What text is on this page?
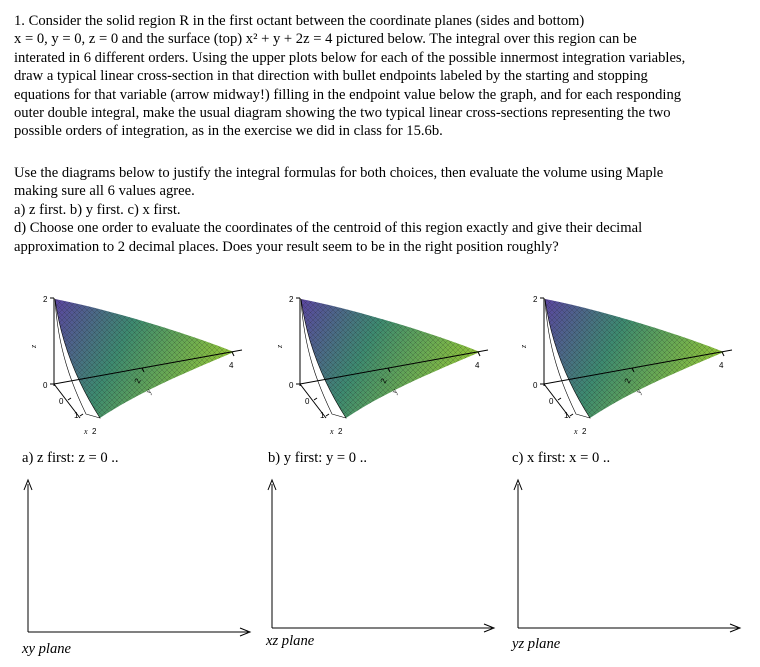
1. Consider the solid region R in the first octant between the coordinate planes (sides and bottom)
x = 0, y = 0, z = 0 and the surface (top) x² + y + 2z = 4 pictured below. The integral over this region can be
interated in 6 different orders. Using the upper plots below for each of the possible innermost integration variables,
draw a typical linear cross-section in that direction with bullet endpoints labeled by the starting and stopping
equations for that variable (arrow midway!) filling in the endpoint value below the graph, and for each responding
outer double integral, make the usual diagram showing the two typical linear cross-sections representing the two
possible orders of integration, as in the exercise we did in class for 15.6b.
Use the diagrams below to justify the integral formulas for both choices, then evaluate the volume using Maple
making sure all 6 values agree.
a) z first. b) y first. c) x first.
d) Choose one order to evaluate the coordinates of the centroid of this region exactly and give their decimal
approximation to 2 decimal places. Does your result seem to be in the right position roughly?
2
z
0
0
1
x 2
2
4
y
2
z
0
0
1
x 2
2
4
y
2
z
0
0
1
x 2
2
4
y
a) z first: z = 0 ..	b) y first: y = 0 ..	c) x first: x = 0 ..
xy plane	xz plane	yz plane
